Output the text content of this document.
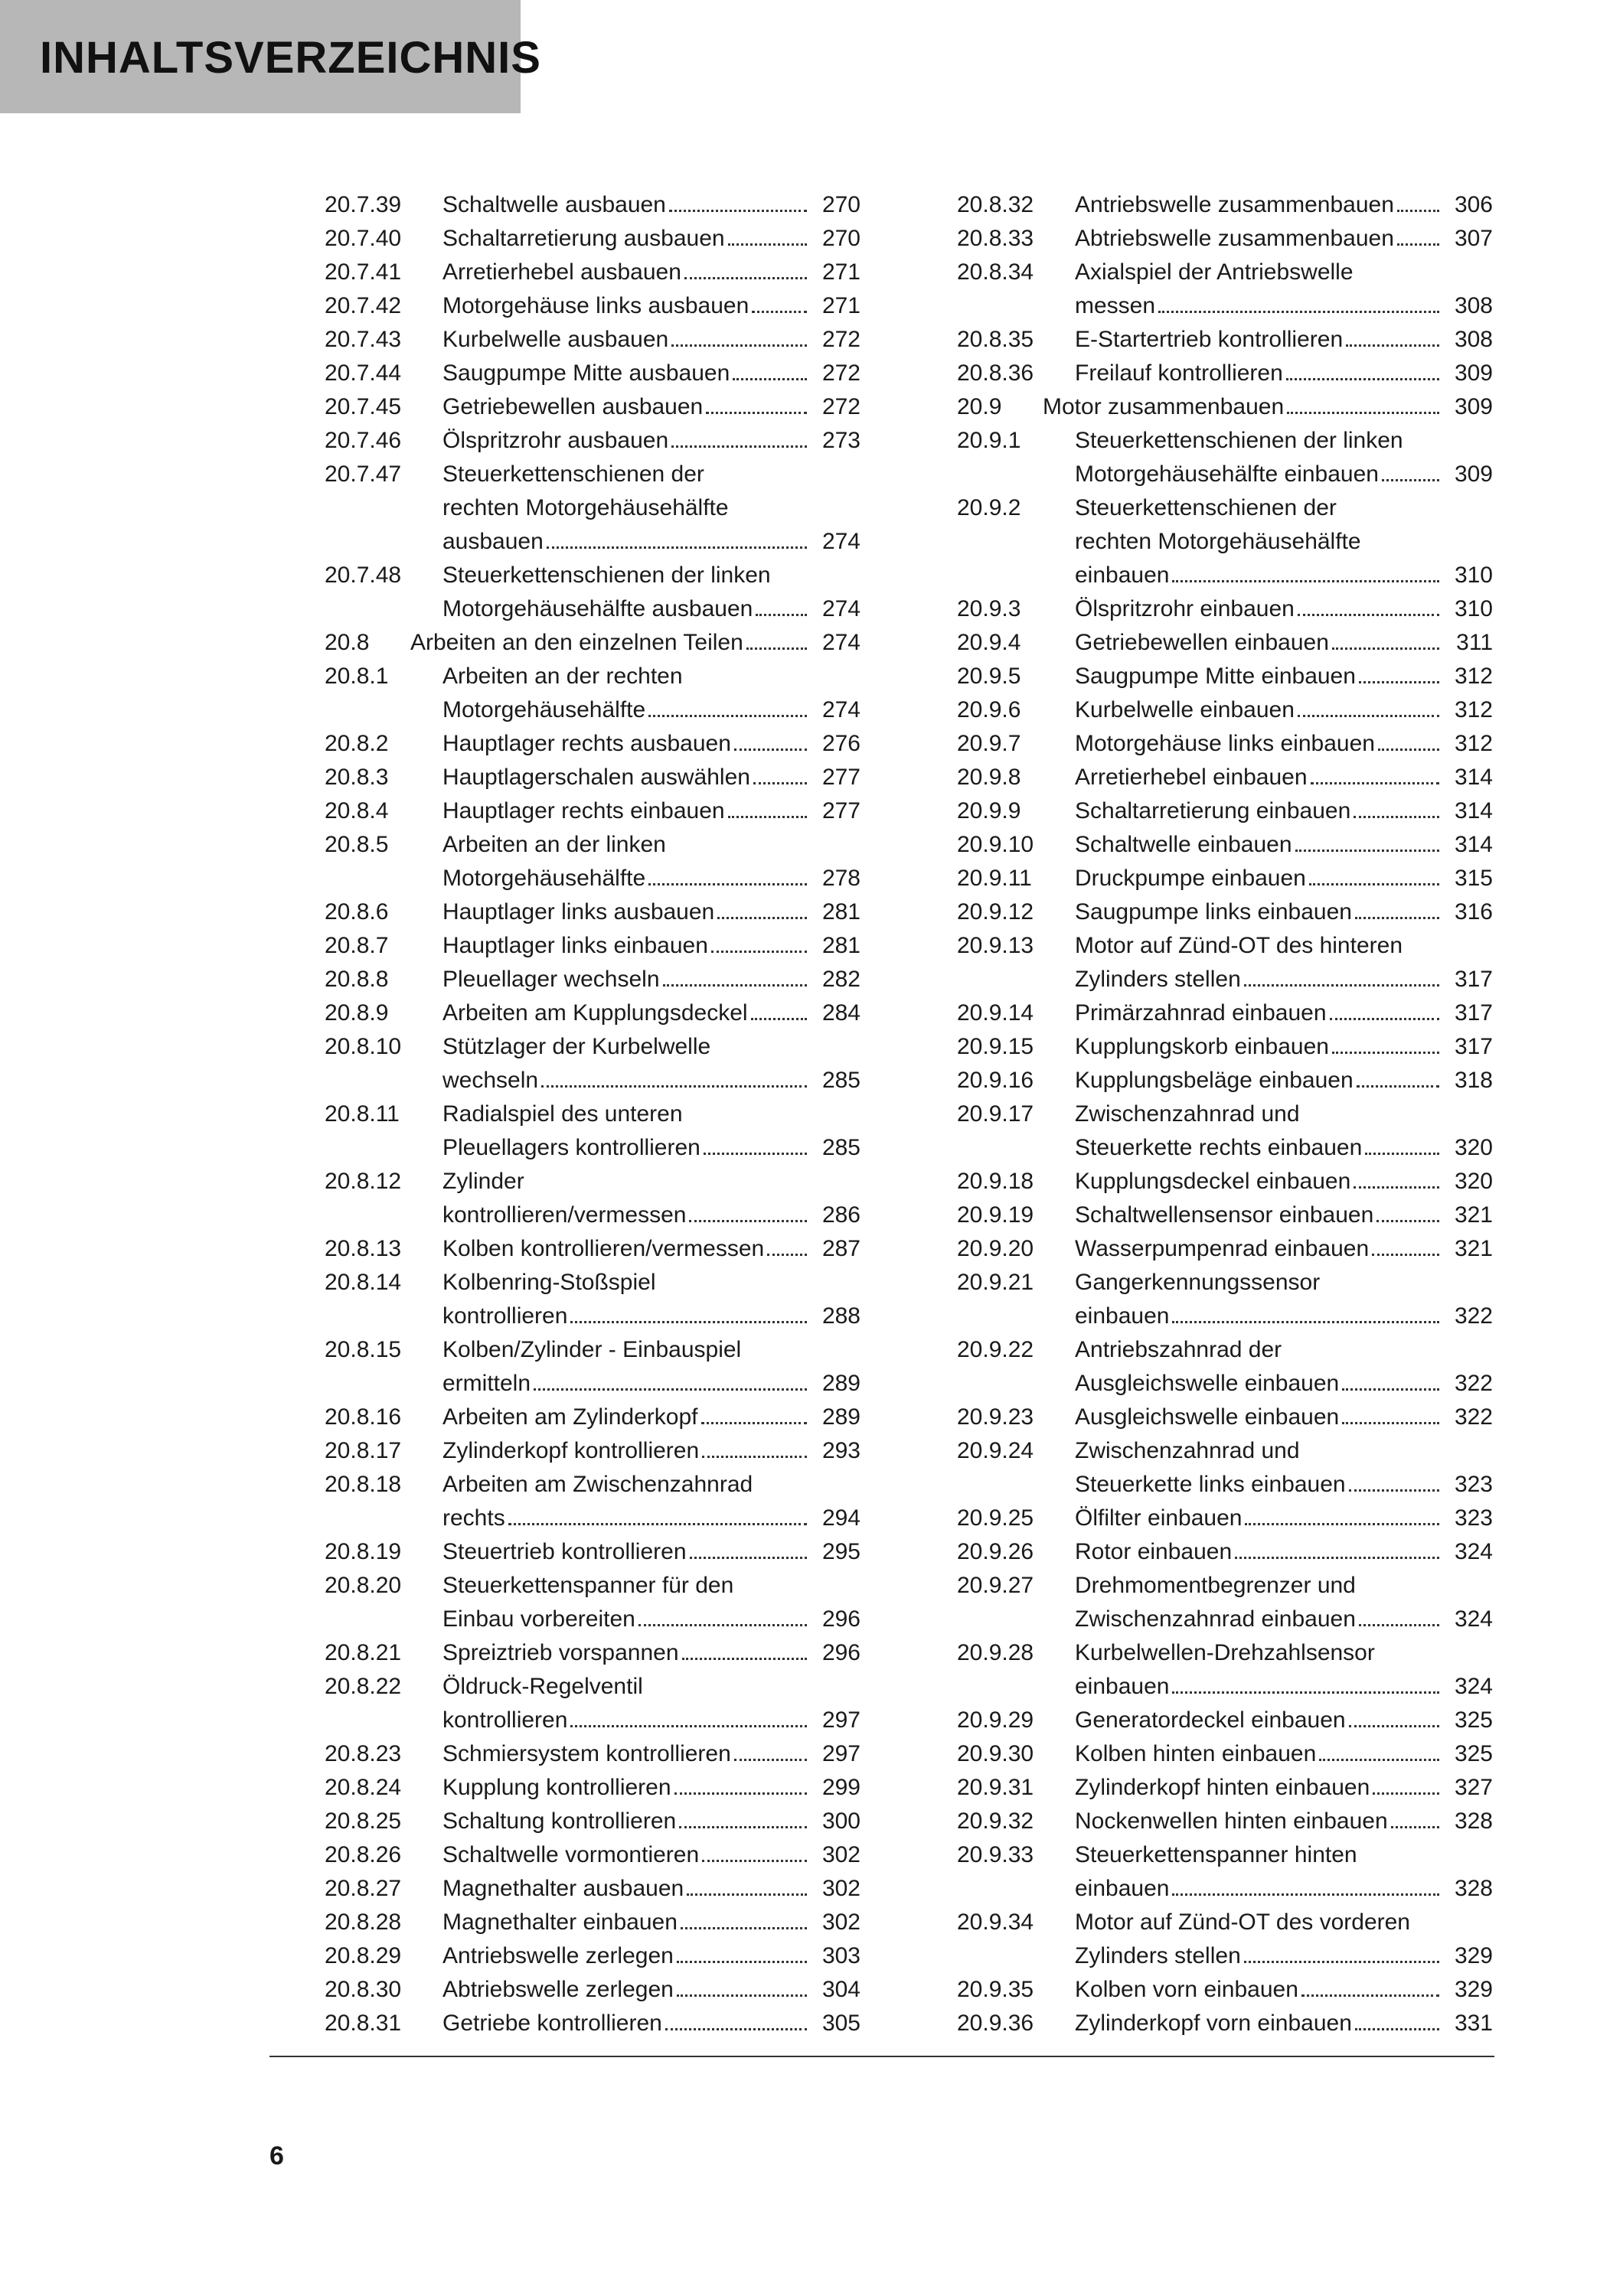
INHALTSVERZEICHNIS
20.7.39 Schaltwelle ausbauen	270
20.7.40 Schaltarretierung ausbauen	270
20.7.41 Arretierhebel ausbauen	271
20.7.42 Motorgehäuse links ausbauen	271
20.7.43 Kurbelwelle ausbauen	272
20.7.44 Saugpumpe Mitte ausbauen	272
20.7.45 Getriebewellen ausbauen	272
20.7.46 Ölspritzrohr ausbauen	273
20.7.47 Steuerkettenschienen der
rechten Motorgehäusehälfte
ausbauen	274
20.7.48 Steuerkettenschienen der linken
Motorgehäusehälfte ausbauen	274
20.8 Arbeiten an den einzelnen Teilen	274
20.8.1 Arbeiten an der rechten
Motorgehäusehälfte	274
20.8.2 Hauptlager rechts ausbauen	276
20.8.3 Hauptlagerschalen auswählen	277
20.8.4 Hauptlager rechts einbauen	277
20.8.5 Arbeiten an der linken
Motorgehäusehälfte	278
20.8.6 Hauptlager links ausbauen	281
20.8.7 Hauptlager links einbauen	281
20.8.8 Pleuellager wechseln	282
20.8.9 Arbeiten am Kupplungsdeckel	284
20.8.10 Stützlager der Kurbelwelle
wechseln	285
20.8.11 Radialspiel des unteren
Pleuellagers kontrollieren	285
20.8.12 Zylinder
kontrollieren/vermessen	286
20.8.13 Kolben kontrollieren/vermessen	287
20.8.14 Kolbenring-Stoßspiel
kontrollieren	288
20.8.15 Kolben/Zylinder - Einbauspiel
ermitteln	289
20.8.16 Arbeiten am Zylinderkopf	289
20.8.17 Zylinderkopf kontrollieren	293
20.8.18 Arbeiten am Zwischenzahnrad
rechts	294
20.8.19 Steuertrieb kontrollieren	295
20.8.20 Steuerkettenspanner für den
Einbau vorbereiten	296
20.8.21 Spreiztrieb vorspannen	296
20.8.22 Öldruck-Regelventil
kontrollieren	297
20.8.23 Schmiersystem kontrollieren	297
20.8.24 Kupplung kontrollieren	299
20.8.25 Schaltung kontrollieren	300
20.8.26 Schaltwelle vormontieren	302
20.8.27 Magnethalter ausbauen	302
20.8.28 Magnethalter einbauen	302
20.8.29 Antriebswelle zerlegen	303
20.8.30 Abtriebswelle zerlegen	304
20.8.31 Getriebe kontrollieren	305
20.8.32 Antriebswelle zusammenbauen	306
20.8.33 Abtriebswelle zusammenbauen	307
20.8.34 Axialspiel der Antriebswelle
messen	308
20.8.35 E-Startertrieb kontrollieren	308
20.8.36 Freilauf kontrollieren	309
20.9 Motor zusammenbauen	309
20.9.1 Steuerkettenschienen der linken
Motorgehäusehälfte einbauen	309
20.9.2 Steuerkettenschienen der
rechten Motorgehäusehälfte
einbauen	310
20.9.3 Ölspritzrohr einbauen	310
20.9.4 Getriebewellen einbauen	311
20.9.5 Saugpumpe Mitte einbauen	312
20.9.6 Kurbelwelle einbauen	312
20.9.7 Motorgehäuse links einbauen	312
20.9.8 Arretierhebel einbauen	314
20.9.9 Schaltarretierung einbauen	314
20.9.10 Schaltwelle einbauen	314
20.9.11 Druckpumpe einbauen	315
20.9.12 Saugpumpe links einbauen	316
20.9.13 Motor auf Zünd-OT des hinteren
Zylinders stellen	317
20.9.14 Primärzahnrad einbauen	317
20.9.15 Kupplungskorb einbauen	317
20.9.16 Kupplungsbeläge einbauen	318
20.9.17 Zwischenzahnrad und
Steuerkette rechts einbauen	320
20.9.18 Kupplungsdeckel einbauen	320
20.9.19 Schaltwellensensor einbauen	321
20.9.20 Wasserpumpenrad einbauen	321
20.9.21 Gangerkennungssensor
einbauen	322
20.9.22 Antriebszahnrad der
Ausgleichswelle einbauen	322
20.9.23 Ausgleichswelle einbauen	322
20.9.24 Zwischenzahnrad und
Steuerkette links einbauen	323
20.9.25 Ölfilter einbauen	323
20.9.26 Rotor einbauen	324
20.9.27 Drehmomentbegrenzer und
Zwischenzahnrad einbauen	324
20.9.28 Kurbelwellen-Drehzahlsensor
einbauen	324
20.9.29 Generatordeckel einbauen	325
20.9.30 Kolben hinten einbauen	325
20.9.31 Zylinderkopf hinten einbauen	327
20.9.32 Nockenwellen hinten einbauen	328
20.9.33 Steuerkettenspanner hinten
einbauen	328
20.9.34 Motor auf Zünd-OT des vorderen
Zylinders stellen	329
20.9.35 Kolben vorn einbauen	329
20.9.36 Zylinderkopf vorn einbauen	331
6
